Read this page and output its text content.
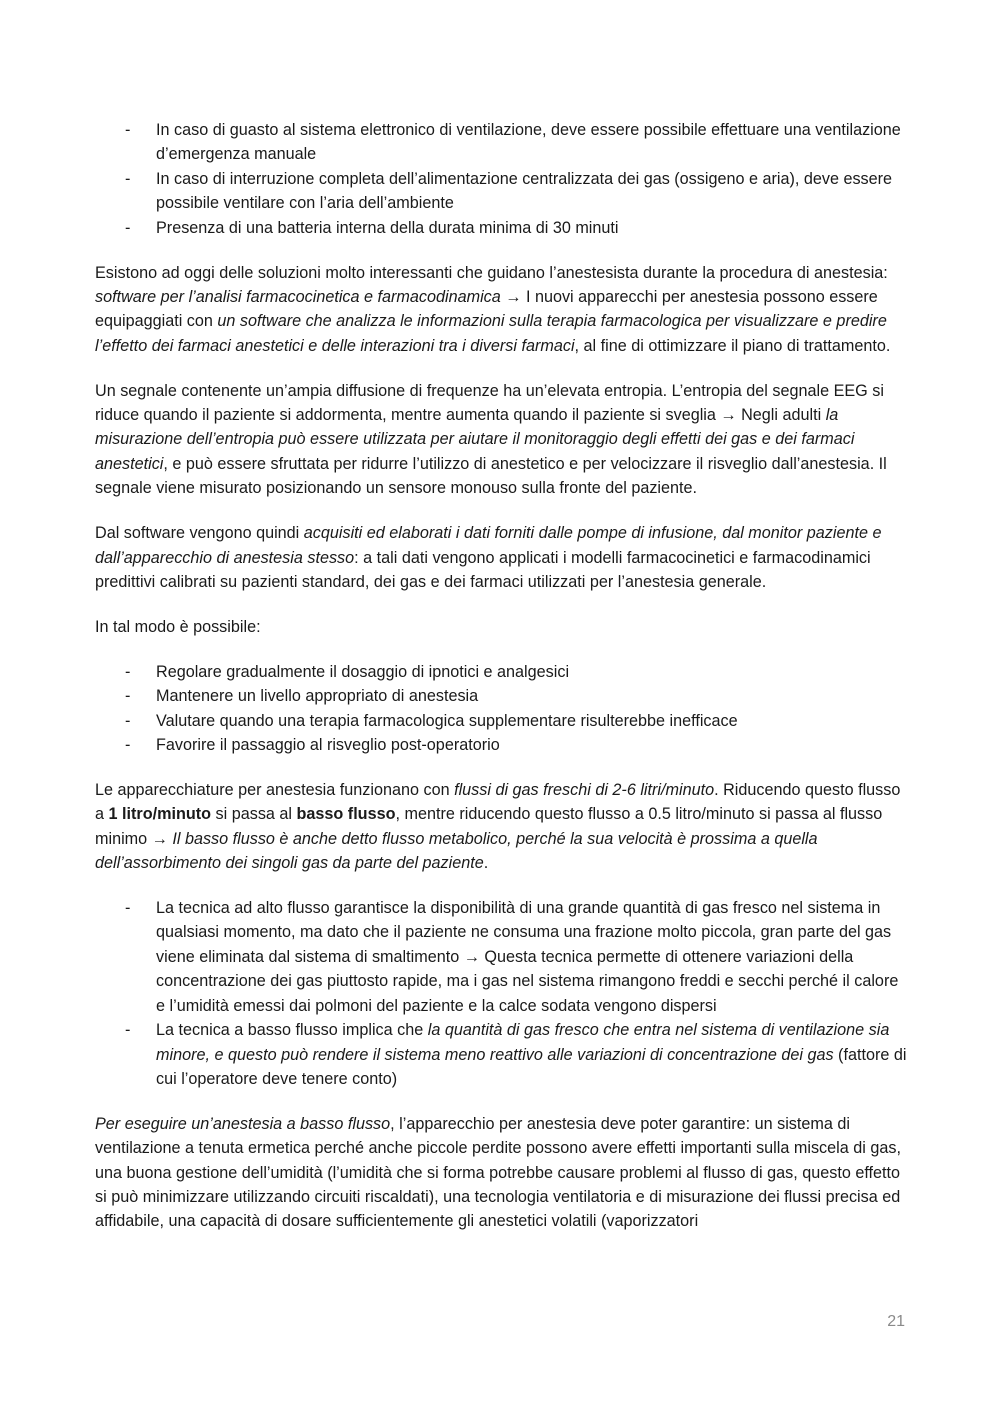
- In caso di guasto al sistema elettronico di ventilazione, deve essere possibile effettuare una ventilazione d’emergenza manuale
- In caso di interruzione completa dell’alimentazione centralizzata dei gas (ossigeno e aria), deve essere possibile ventilare con l’aria dell’ambiente
- Presenza di una batteria interna della durata minima di 30 minuti

Esistono ad oggi delle soluzioni molto interessanti che guidano l’anestesista durante la procedura di anestesia: software per l’analisi farmacocinetica e farmacodinamica → I nuovi apparecchi per anestesia possono essere equipaggiati con un software che analizza le informazioni sulla terapia farmacologica per visualizzare e predire l’effetto dei farmaci anestetici e delle interazioni tra i diversi farmaci, al fine di ottimizzare il piano di trattamento.

Un segnale contenente un’ampia diffusione di frequenze ha un’elevata entropia. L’entropia del segnale EEG si riduce quando il paziente si addormenta, mentre aumenta quando il paziente si sveglia → Negli adulti la misurazione dell’entropia può essere utilizzata per aiutare il monitoraggio degli effetti dei gas e dei farmaci anestetici, e può essere sfruttata per ridurre l’utilizzo di anestetico e per velocizzare il risveglio dall’anestesia. Il segnale viene misurato posizionando un sensore monouso sulla fronte del paziente.

Dal software vengono quindi acquisiti ed elaborati i dati forniti dalle pompe di infusione, dal monitor paziente e dall’apparecchio di anestesia stesso: a tali dati vengono applicati i modelli farmacocinetici e farmacodinamici predittivi calibrati su pazienti standard, dei gas e dei farmaci utilizzati per l’anestesia generale.

In tal modo è possibile:

- Regolare gradualmente il dosaggio di ipnotici e analgesici
- Mantenere un livello appropriato di anestesia
- Valutare quando una terapia farmacologica supplementare risulterebbe inefficace
- Favorire il passaggio al risveglio post-operatorio

Le apparecchiature per anestesia funzionano con flussi di gas freschi di 2-6 litri/minuto. Riducendo questo flusso a 1 litro/minuto si passa al basso flusso, mentre riducendo questo flusso a 0.5 litro/minuto si passa al flusso minimo → Il basso flusso è anche detto flusso metabolico, perché la sua velocità è prossima a quella dell’assorbimento dei singoli gas da parte del paziente.

- La tecnica ad alto flusso garantisce la disponibilità di una grande quantità di gas fresco nel sistema in qualsiasi momento, ma dato che il paziente ne consuma una frazione molto piccola, gran parte del gas viene eliminata dal sistema di smaltimento → Questa tecnica permette di ottenere variazioni della concentrazione dei gas piuttosto rapide, ma i gas nel sistema rimangono freddi e secchi perché il calore e l’umidità emessi dai polmoni del paziente e la calce sodata vengono dispersi
- La tecnica a basso flusso implica che la quantità di gas fresco che entra nel sistema di ventilazione sia minore, e questo può rendere il sistema meno reattivo alle variazioni di concentrazione dei gas (fattore di cui l’operatore deve tenere conto)

Per eseguire un’anestesia a basso flusso, l’apparecchio per anestesia deve poter garantire: un sistema di ventilazione a tenuta ermetica perché anche piccole perdite possono avere effetti importanti sulla miscela di gas, una buona gestione dell’umidità (l’umidità che si forma potrebbe causare problemi al flusso di gas, questo effetto si può minimizzare utilizzando circuiti riscaldati), una tecnologia ventilatoria e di misurazione dei flussi precisa ed affidabile, una capacità di dosare sufficientemente gli anestetici volatili (vaporizzatori

21
